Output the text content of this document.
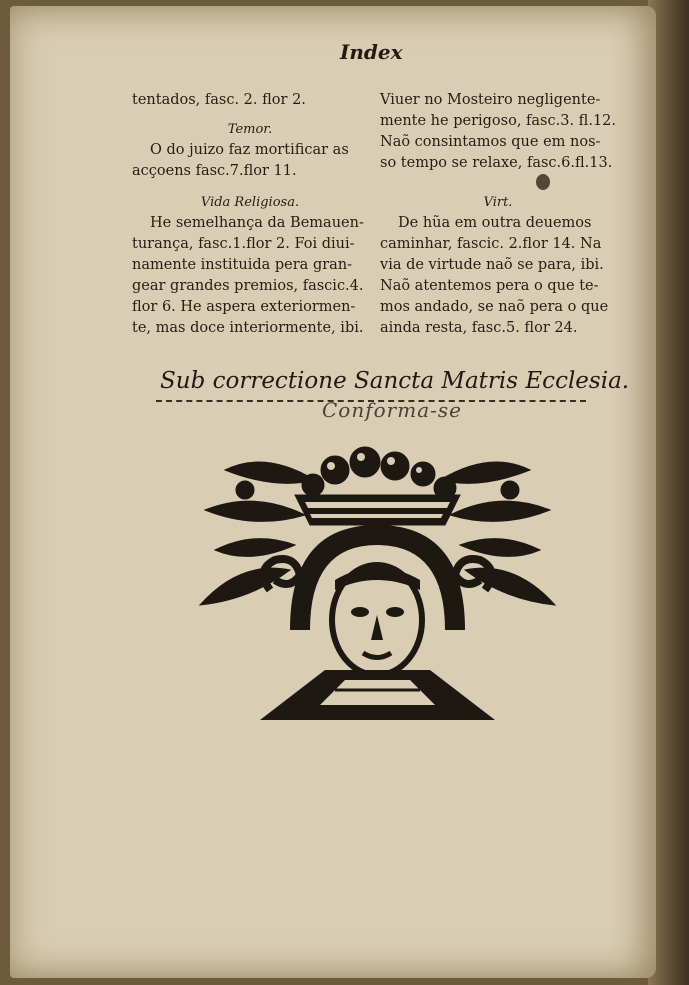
Index
tentados, fasc. 2. flor 2.
Temor.
O do juizo faz mortificar as
acçoens fasc.7.flor 11.
Vida Religiosa.
He semelhança da Bemauen-
turança, fasc.1.flor 2. Foi diui-
namente instituida pera gran-
gear grandes premios, fascic.4.
flor 6. He aspera exteriormen-
te, mas doce interiormente, ibi.
Viuer no Mosteiro negligente-
mente he perigoso, fasc.3. fl.12.
Naõ consintamos que em nos-
so tempo se relaxe, fasc.6.fl.13.
Virt.
De hũa em outra deuemos
caminhar, fascic. 2.flor 14. Na
via de virtude naõ se para, ibi.
Naõ atentemos pera o que te-
mos andado, se naõ pera o que
ainda resta, fasc.5. flor 24.
Sub correctione Sancta Matris Ecclesia.
Conforma-se
